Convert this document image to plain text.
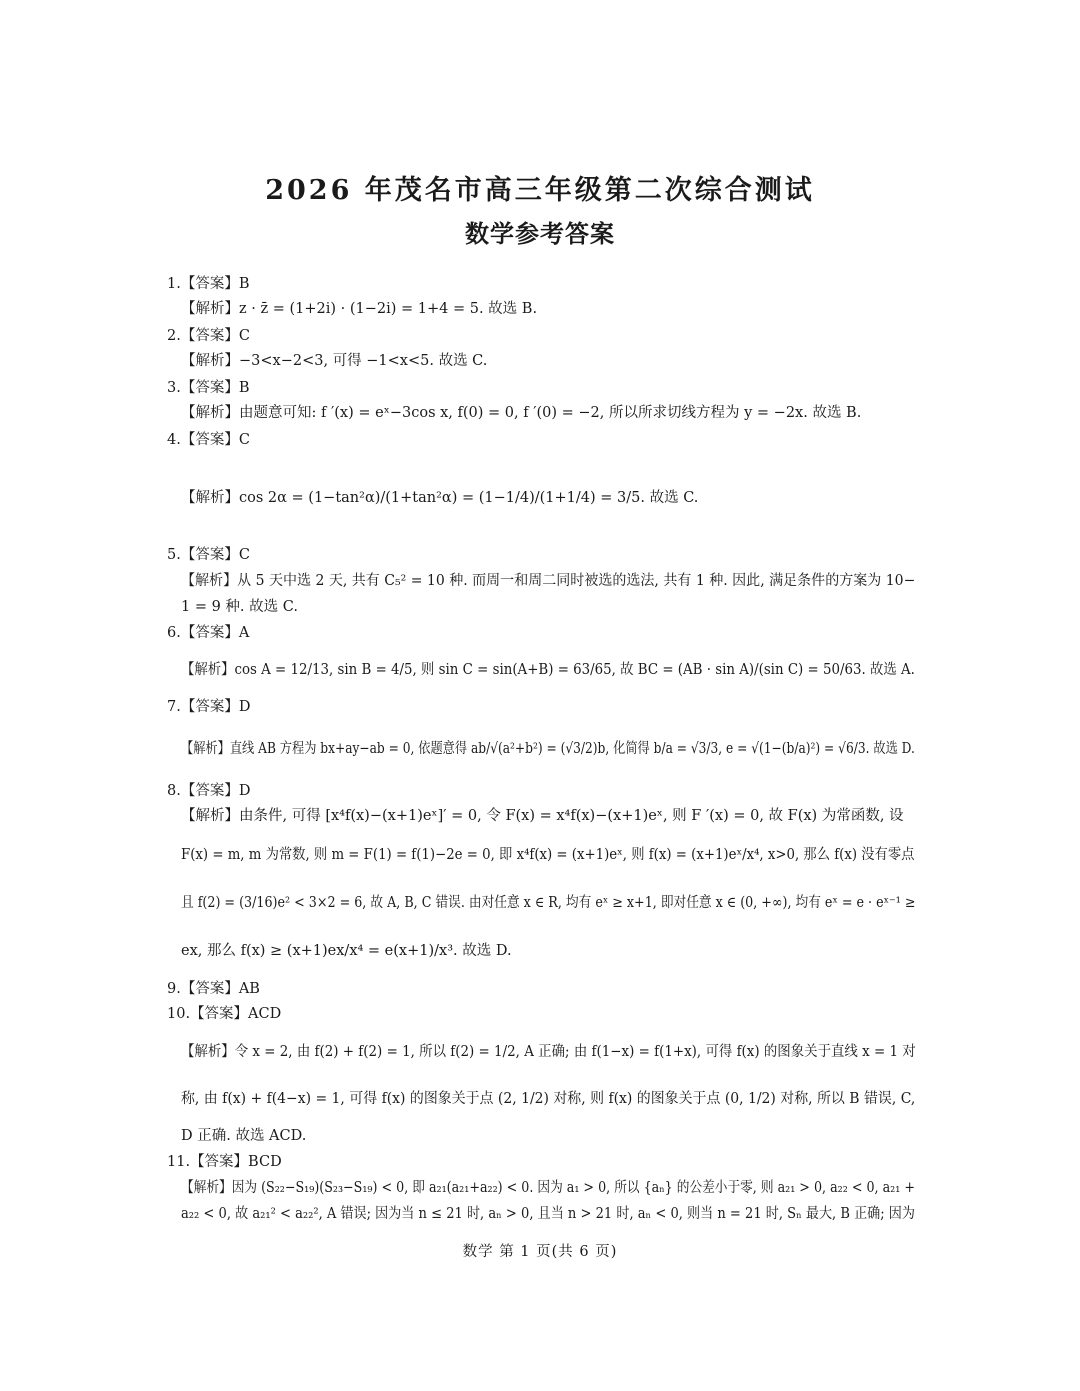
2026 年茂名市高三年级第二次综合测试
数学参考答案
1.【答案】B
【解析】z · z̄ = (1+2i) · (1−2i) = 1+4 = 5. 故选 B.
2.【答案】C
【解析】−3<x−2<3, 可得 −1<x<5. 故选 C.
3.【答案】B
【解析】由题意可知: f ′(x) = eˣ−3cos x, f(0) = 0, f ′(0) = −2, 所以所求切线方程为 y = −2x. 故选 B.
4.【答案】C
【解析】cos 2α = (1−tan²α)/(1+tan²α) = (1−1/4)/(1+1/4) = 3/5. 故选 C.
5.【答案】C
【解析】从 5 天中选 2 天, 共有 C₅² = 10 种. 而周一和周二同时被选的选法, 共有 1 种. 因此, 满足条件的方案为 10−
1 = 9 种. 故选 C.
6.【答案】A
【解析】cos A = 12/13, sin B = 4/5, 则 sin C = sin(A+B) = 63/65, 故 BC = (AB · sin A)/(sin C) = 50/63. 故选 A.
7.【答案】D
【解析】直线 AB 方程为 bx+ay−ab = 0, 依题意得 ab/√(a²+b²) = (√3/2)b, 化简得 b/a = √3/3, e = √(1−(b/a)²) = √6/3. 故选 D.
8.【答案】D
【解析】由条件, 可得 [x⁴f(x)−(x+1)eˣ]′ = 0, 令 F(x) = x⁴f(x)−(x+1)eˣ, 则 F ′(x) = 0, 故 F(x) 为常函数, 设
F(x) = m, m 为常数, 则 m = F(1) = f(1)−2e = 0, 即 x⁴f(x) = (x+1)eˣ, 则 f(x) = (x+1)eˣ/x⁴, x>0, 那么 f(x) 没有零点
且 f(2) = (3/16)e² < 3×2 = 6, 故 A, B, C 错误. 由对任意 x ∈ R, 均有 eˣ ≥ x+1, 即对任意 x ∈ (0, +∞), 均有 eˣ = e · eˣ⁻¹ ≥
ex, 那么 f(x) ≥ (x+1)ex/x⁴ = e(x+1)/x³. 故选 D.
9.【答案】AB
10.【答案】ACD
【解析】令 x = 2, 由 f(2) + f(2) = 1, 所以 f(2) = 1/2, A 正确; 由 f(1−x) = f(1+x), 可得 f(x) 的图象关于直线 x = 1 对
称, 由 f(x) + f(4−x) = 1, 可得 f(x) 的图象关于点 (2, 1/2) 对称, 则 f(x) 的图象关于点 (0, 1/2) 对称, 所以 B 错误, C,
D 正确. 故选 ACD.
11.【答案】BCD
【解析】因为 (S₂₂−S₁₉)(S₂₃−S₁₉) < 0, 即 a₂₁(a₂₁+a₂₂) < 0. 因为 a₁ > 0, 所以 {aₙ} 的公差小于零, 则 a₂₁ > 0, a₂₂ < 0, a₂₁ +
a₂₂ < 0, 故 a₂₁² < a₂₂², A 错误; 因为当 n ≤ 21 时, aₙ > 0, 且当 n > 21 时, aₙ < 0, 则当 n = 21 时, Sₙ 最大, B 正确; 因为
数学 第 1 页(共 6 页)
